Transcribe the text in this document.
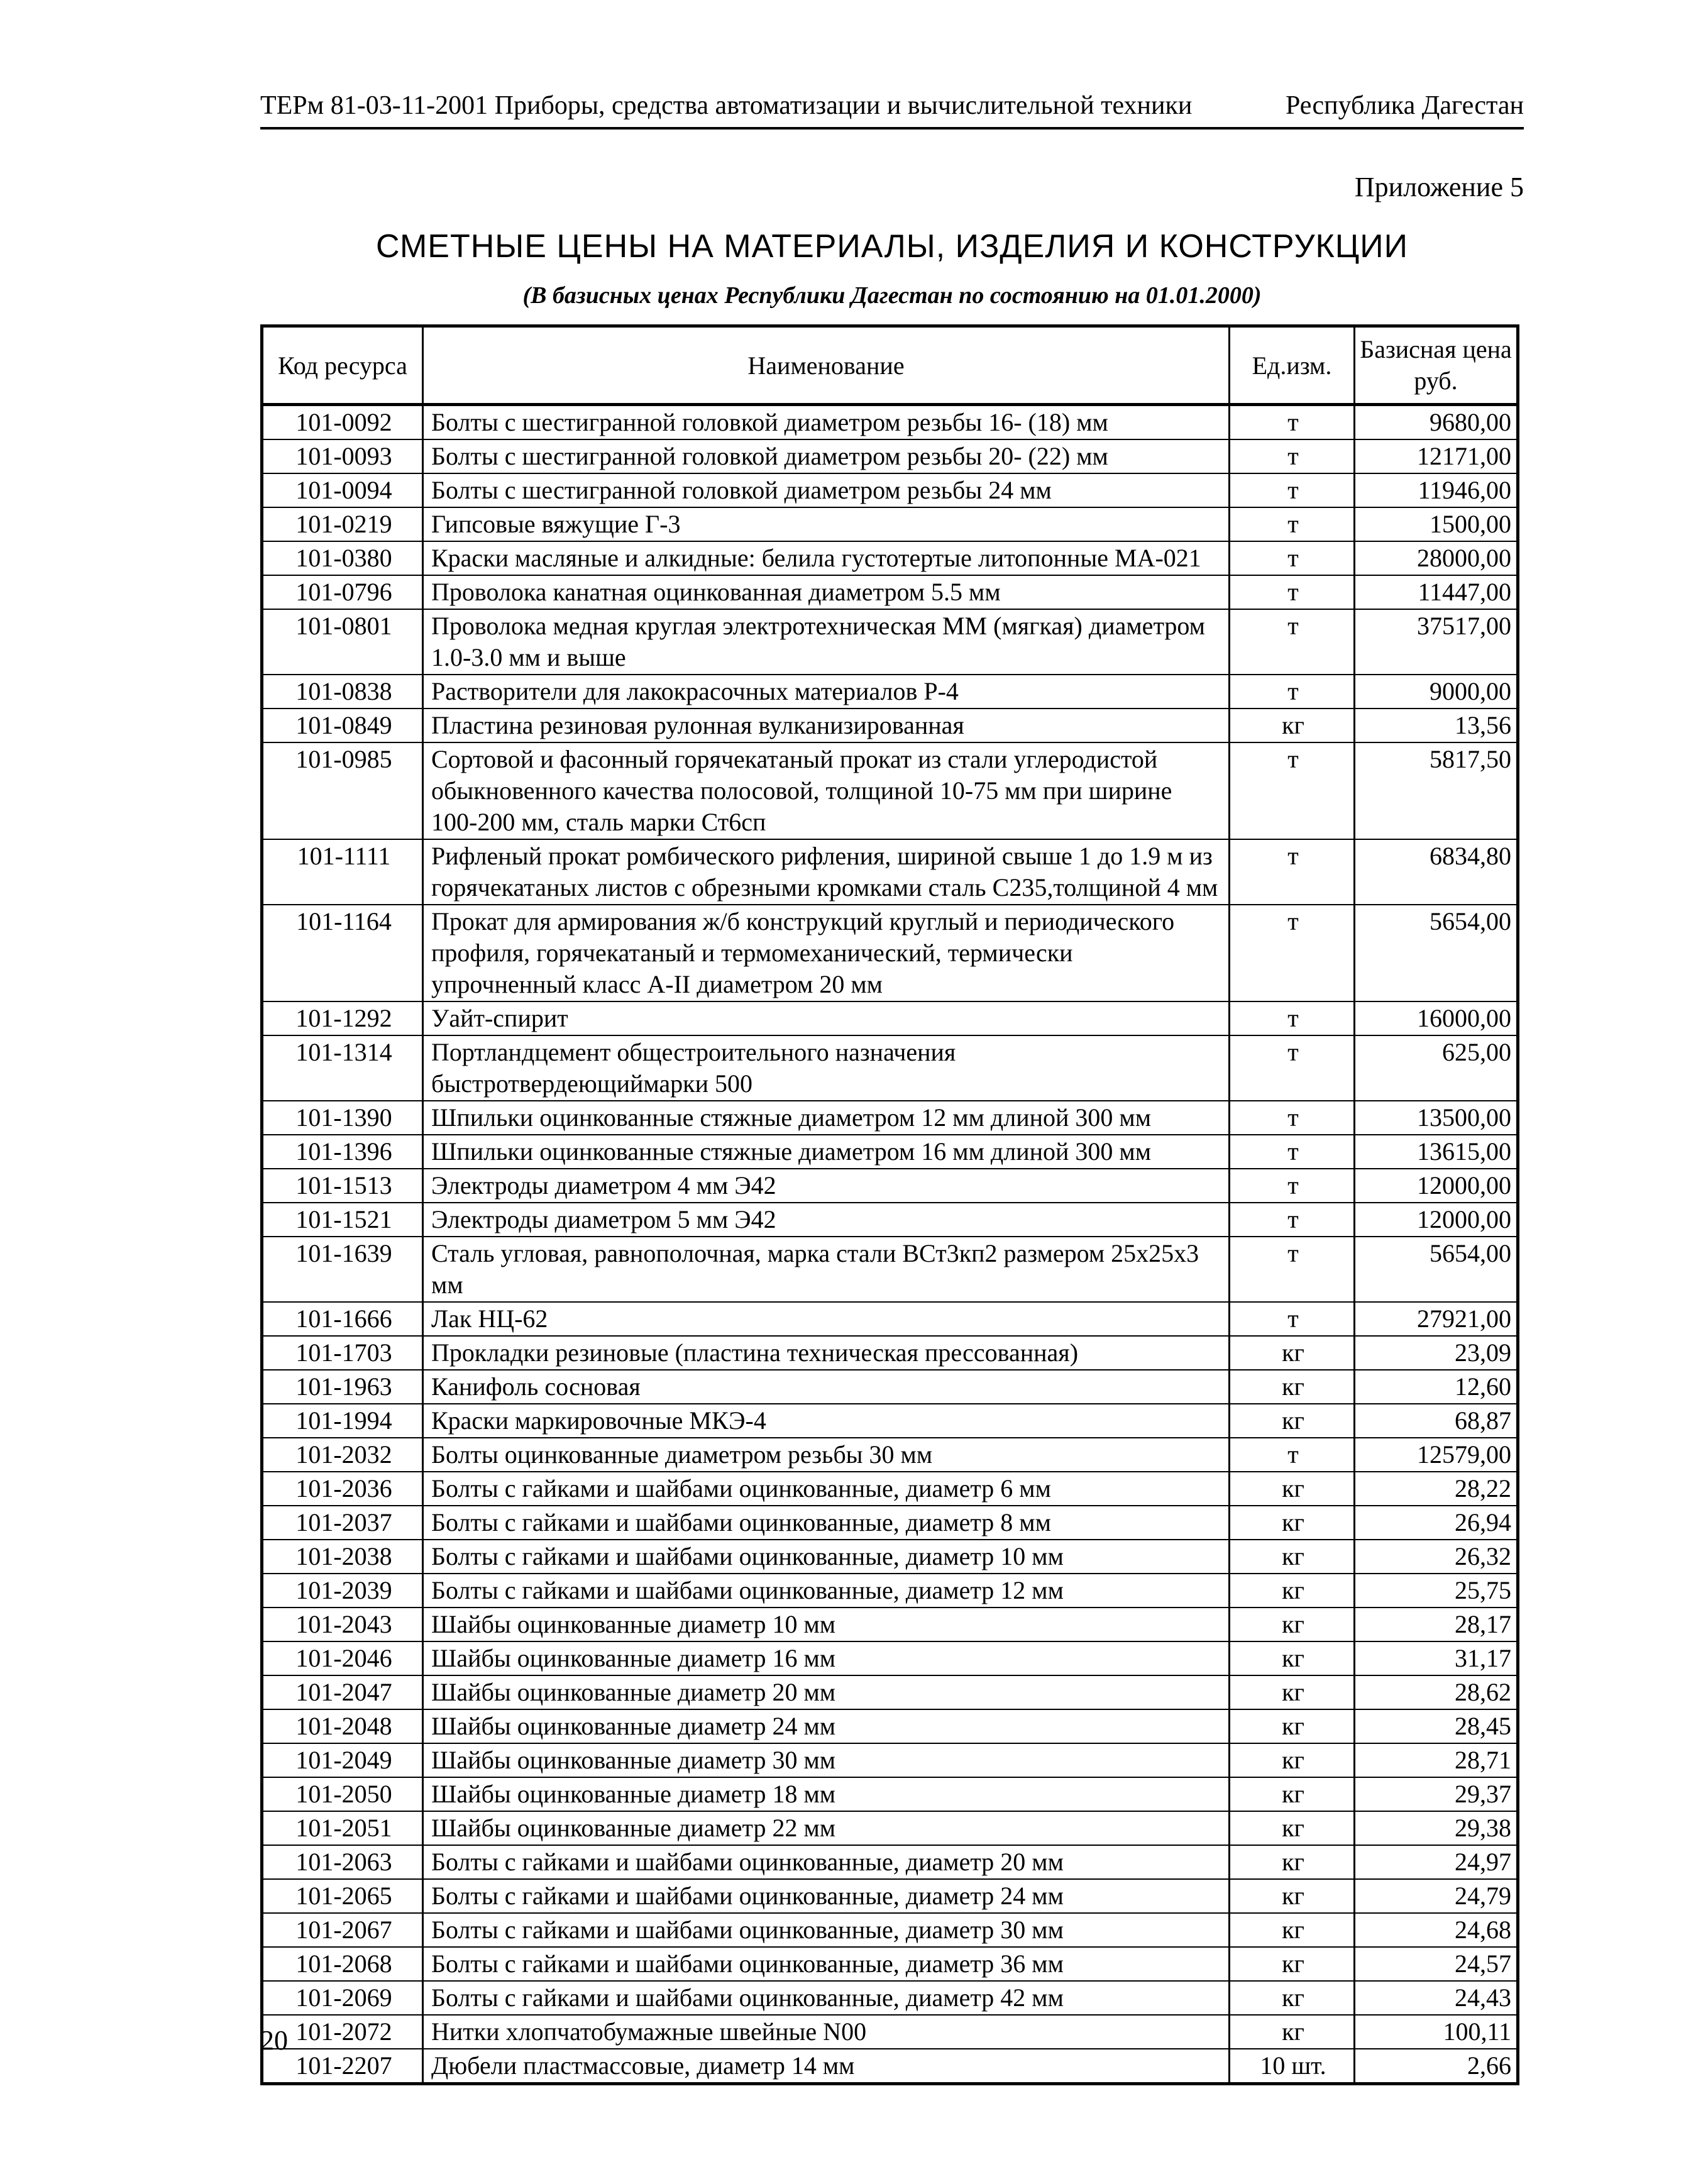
ТЕРм 81-03-11-2001 Приборы, средства автоматизации и вычислительной техники	Республика Дагестан
Приложение 5
СМЕТНЫЕ ЦЕНЫ НА МАТЕРИАЛЫ, ИЗДЕЛИЯ И КОНСТРУКЦИИ
(В базисных ценах Республики Дагестан по состоянию на 01.01.2000)
Код ресурса	Наименование	Ед.изм.	Базисная цена руб.
101-0092	Болты с шестигранной головкой диаметром резьбы 16- (18) мм	т	9680,00
101-0093	Болты с шестигранной головкой диаметром резьбы 20- (22) мм	т	12171,00
101-0094	Болты с шестигранной головкой диаметром резьбы 24 мм	т	11946,00
101-0219	Гипсовые вяжущие Г-3	т	1500,00
101-0380	Краски масляные и алкидные: белила густотертые литопонные МА-021	т	28000,00
101-0796	Проволока канатная оцинкованная диаметром 5.5 мм	т	11447,00
101-0801	Проволока медная круглая электротехническая ММ (мягкая) диаметром 1.0-3.0 мм и выше	т	37517,00
101-0838	Растворители для лакокрасочных материалов Р-4	т	9000,00
101-0849	Пластина резиновая рулонная вулканизированная	кг	13,56
101-0985	Сортовой и фасонный горячекатаный прокат из стали углеродистой обыкновенного качества полосовой, толщиной 10-75 мм при ширине 100-200 мм, сталь марки Ст6сп	т	5817,50
101-1111	Рифленый прокат ромбического рифления, шириной свыше 1 до 1.9 м из горячекатаных листов с обрезными кромками сталь С235,толщиной 4 мм	т	6834,80
101-1164	Прокат для армирования ж/б конструкций круглый и периодического профиля, горячекатаный и термомеханический, термически упрочненный класс А-II диаметром 20 мм	т	5654,00
101-1292	Уайт-спирит	т	16000,00
101-1314	Портландцемент общестроительного назначения быстротвердеющиймарки 500	т	625,00
101-1390	Шпильки оцинкованные стяжные диаметром 12 мм длиной 300 мм	т	13500,00
101-1396	Шпильки оцинкованные стяжные диаметром 16 мм длиной 300 мм	т	13615,00
101-1513	Электроды диаметром 4 мм Э42	т	12000,00
101-1521	Электроды диаметром 5 мм Э42	т	12000,00
101-1639	Сталь угловая, равнополочная, марка стали ВСт3кп2 размером 25х25х3 мм	т	5654,00
101-1666	Лак НЦ-62	т	27921,00
101-1703	Прокладки резиновые (пластина техническая прессованная)	кг	23,09
101-1963	Канифоль сосновая	кг	12,60
101-1994	Краски маркировочные МКЭ-4	кг	68,87
101-2032	Болты оцинкованные диаметром резьбы 30 мм	т	12579,00
101-2036	Болты с гайками и шайбами оцинкованные, диаметр 6 мм	кг	28,22
101-2037	Болты с гайками и шайбами оцинкованные, диаметр 8 мм	кг	26,94
101-2038	Болты с гайками и шайбами оцинкованные, диаметр 10 мм	кг	26,32
101-2039	Болты с гайками и шайбами оцинкованные, диаметр 12 мм	кг	25,75
101-2043	Шайбы оцинкованные диаметр 10 мм	кг	28,17
101-2046	Шайбы оцинкованные диаметр 16 мм	кг	31,17
101-2047	Шайбы оцинкованные диаметр 20 мм	кг	28,62
101-2048	Шайбы оцинкованные диаметр 24 мм	кг	28,45
101-2049	Шайбы оцинкованные диаметр 30 мм	кг	28,71
101-2050	Шайбы оцинкованные диаметр 18 мм	кг	29,37
101-2051	Шайбы оцинкованные диаметр 22 мм	кг	29,38
101-2063	Болты с гайками и шайбами оцинкованные, диаметр 20 мм	кг	24,97
101-2065	Болты с гайками и шайбами оцинкованные, диаметр 24 мм	кг	24,79
101-2067	Болты с гайками и шайбами оцинкованные, диаметр 30 мм	кг	24,68
101-2068	Болты с гайками и шайбами оцинкованные, диаметр 36 мм	кг	24,57
101-2069	Болты с гайками и шайбами оцинкованные, диаметр 42 мм	кг	24,43
101-2072	Нитки хлопчатобумажные швейные N00	кг	100,11
101-2207	Дюбели пластмассовые, диаметр 14 мм	10 шт.	2,66
20
